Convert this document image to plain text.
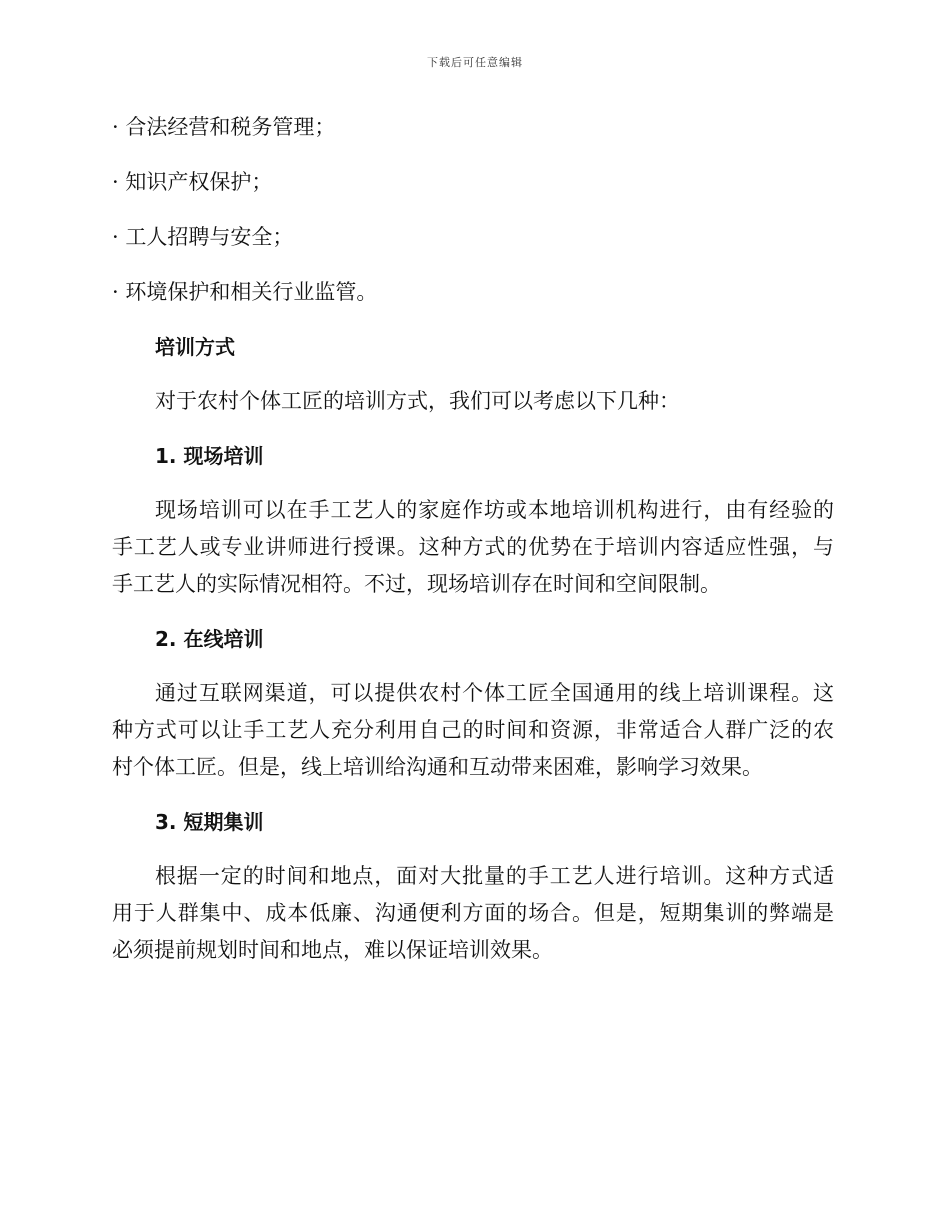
下载后可任意编辑
· 合法经营和税务管理；
· 知识产权保护；
· 工人招聘与安全；
· 环境保护和相关行业监管。
培训方式
对于农村个体工匠的培训方式，我们可以考虑以下几种：
1. 现场培训
现场培训可以在手工艺人的家庭作坊或本地培训机构进行，由有经验的
手工艺人或专业讲师进行授课。这种方式的优势在于培训内容适应性强，与
手工艺人的实际情况相符。不过，现场培训存在时间和空间限制。
2. 在线培训
通过互联网渠道，可以提供农村个体工匠全国通用的线上培训课程。这
种方式可以让手工艺人充分利用自己的时间和资源，非常适合人群广泛的农
村个体工匠。但是，线上培训给沟通和互动带来困难，影响学习效果。
3. 短期集训
根据一定的时间和地点，面对大批量的手工艺人进行培训。这种方式适
用于人群集中、成本低廉、沟通便利方面的场合。但是，短期集训的弊端是
必须提前规划时间和地点，难以保证培训效果。
